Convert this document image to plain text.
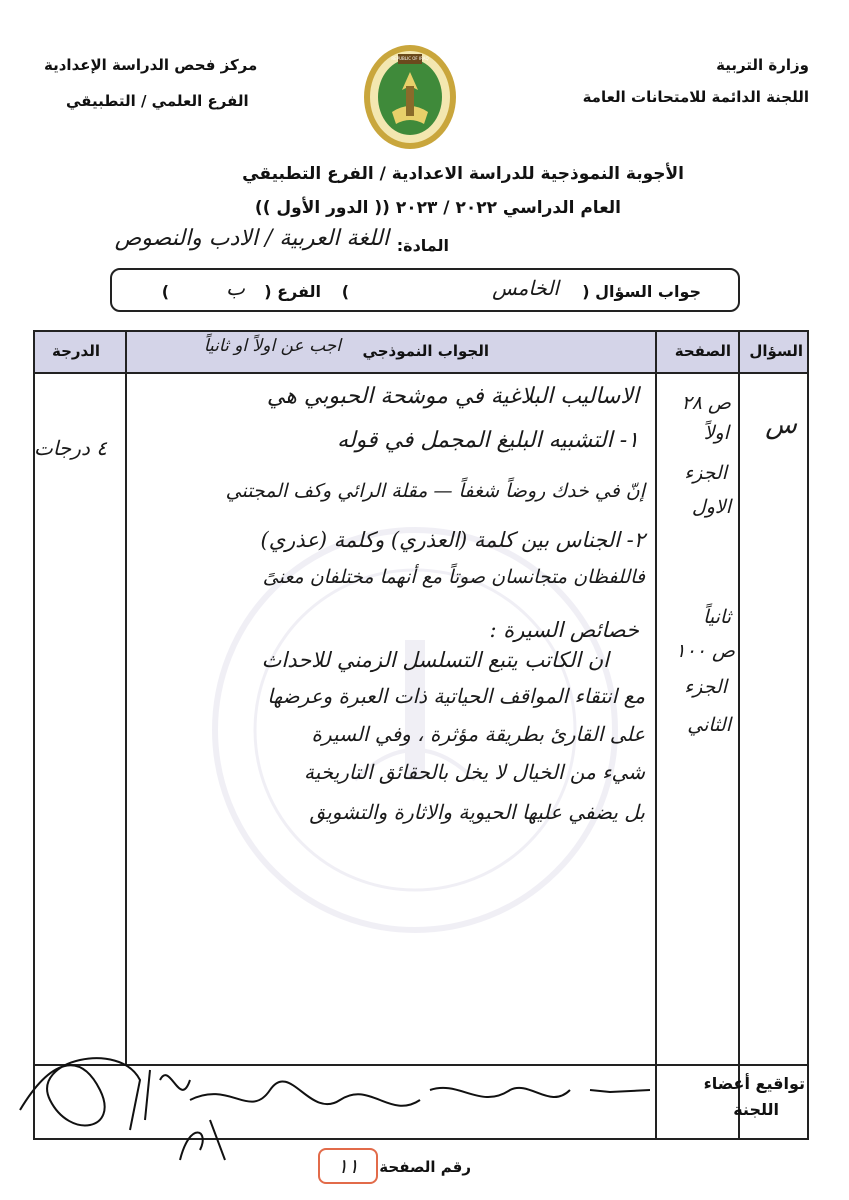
وزارة التربية
اللجنة الدائمة للامتحانات العامة
مركز فحص الدراسة الإعدادية
الفرع العلمي / التطبيقي
REPUBLIC OF IRAQ
الأجوبة النموذجية للدراسة الاعدادية / الفرع التطبيقي
العام الدراسي ٢٠٢٢ / ٢٠٢٣ (( الدور الأول ))
المادة:
اللغة العربية / الادب والنصوص
جواب السؤال (
الخامس
)
الفرع (
ب
)
السؤال
الصفحة
الجواب النموذجي
اجب عن اولاً او ثانياً
الدرجة
س
٤ درجات
ص ٢٨
اولاً
الجزء
الاول
ثانياً
ص ١٠٠
الجزء
الثاني
الاساليب البلاغية في موشحة الحبوبي هي
١- التشبيه البليغ المجمل في قوله
إنّ في خدك روضاً شغفاً — مقلة الرائي وكف المجتني
٢- الجناس بين كلمة (العذري) وكلمة (عذري)
فاللفظان متجانسان صوتاً مع أنهما مختلفان معنىً
خصائص السيرة :
ان الكاتب يتبع التسلسل الزمني للاحداث
مع انتقاء المواقف الحياتية ذات العبرة وعرضها
على القارئ بطريقة مؤثرة ، وفي السيرة
شيء من الخيال لا يخل بالحقائق التاريخية
بل يضفي عليها الحيوية والاثارة والتشويق
تواقيع أعضاء
اللجنة
رقم الصفحة
١١
